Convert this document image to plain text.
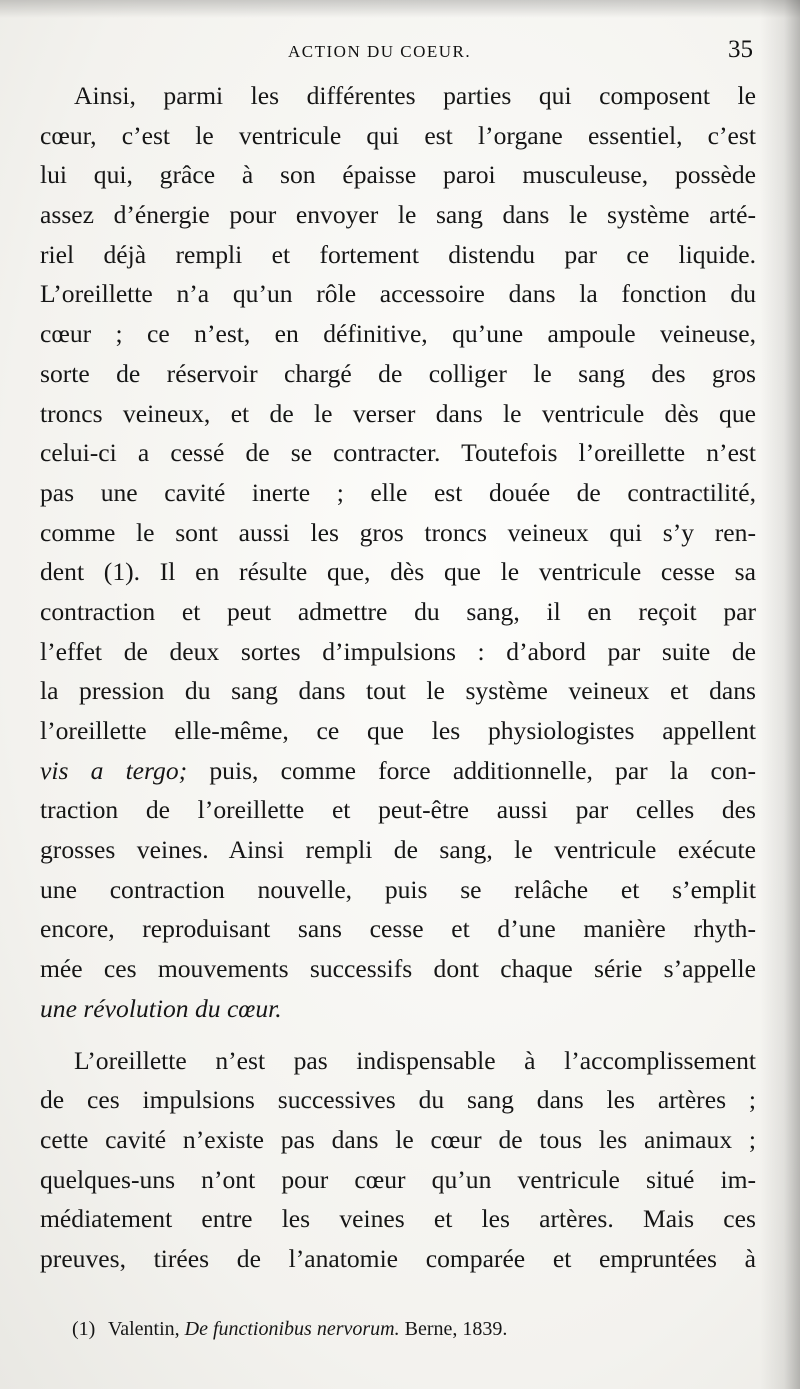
ACTION DU COEUR.	35
Ainsi, parmi les différentes parties qui composent le
cœur, c’est le ventricule qui est l’organe essentiel, c’est
lui qui, grâce à son épaisse paroi musculeuse, possède
assez d’énergie pour envoyer le sang dans le système arté-
riel déjà rempli et fortement distendu par ce liquide.
L’oreillette n’a qu’un rôle accessoire dans la fonction du
cœur ; ce n’est, en définitive, qu’une ampoule veineuse,
sorte de réservoir chargé de colliger le sang des gros
troncs veineux, et de le verser dans le ventricule dès que
celui-ci a cessé de se contracter. Toutefois l’oreillette n’est
pas une cavité inerte ; elle est douée de contractilité,
comme le sont aussi les gros troncs veineux qui s’y ren-
dent (1). Il en résulte que, dès que le ventricule cesse sa
contraction et peut admettre du sang, il en reçoit par
l’effet de deux sortes d’impulsions : d’abord par suite de
la pression du sang dans tout le système veineux et dans
l’oreillette elle-même, ce que les physiologistes appellent
vis a tergo; puis, comme force additionnelle, par la con-
traction de l’oreillette et peut-être aussi par celles des
grosses veines. Ainsi rempli de sang, le ventricule exécute
une contraction nouvelle, puis se relâche et s’emplit
encore, reproduisant sans cesse et d’une manière rhyth-
mée ces mouvements successifs dont chaque série s’appelle
une révolution du cœur.
L’oreillette n’est pas indispensable à l’accomplissement
de ces impulsions successives du sang dans les artères ;
cette cavité n’existe pas dans le cœur de tous les animaux ;
quelques-uns n’ont pour cœur qu’un ventricule situé im-
médiatement entre les veines et les artères. Mais ces
preuves, tirées de l’anatomie comparée et empruntées à
(1) Valentin, De functionibus nervorum. Berne, 1839.
